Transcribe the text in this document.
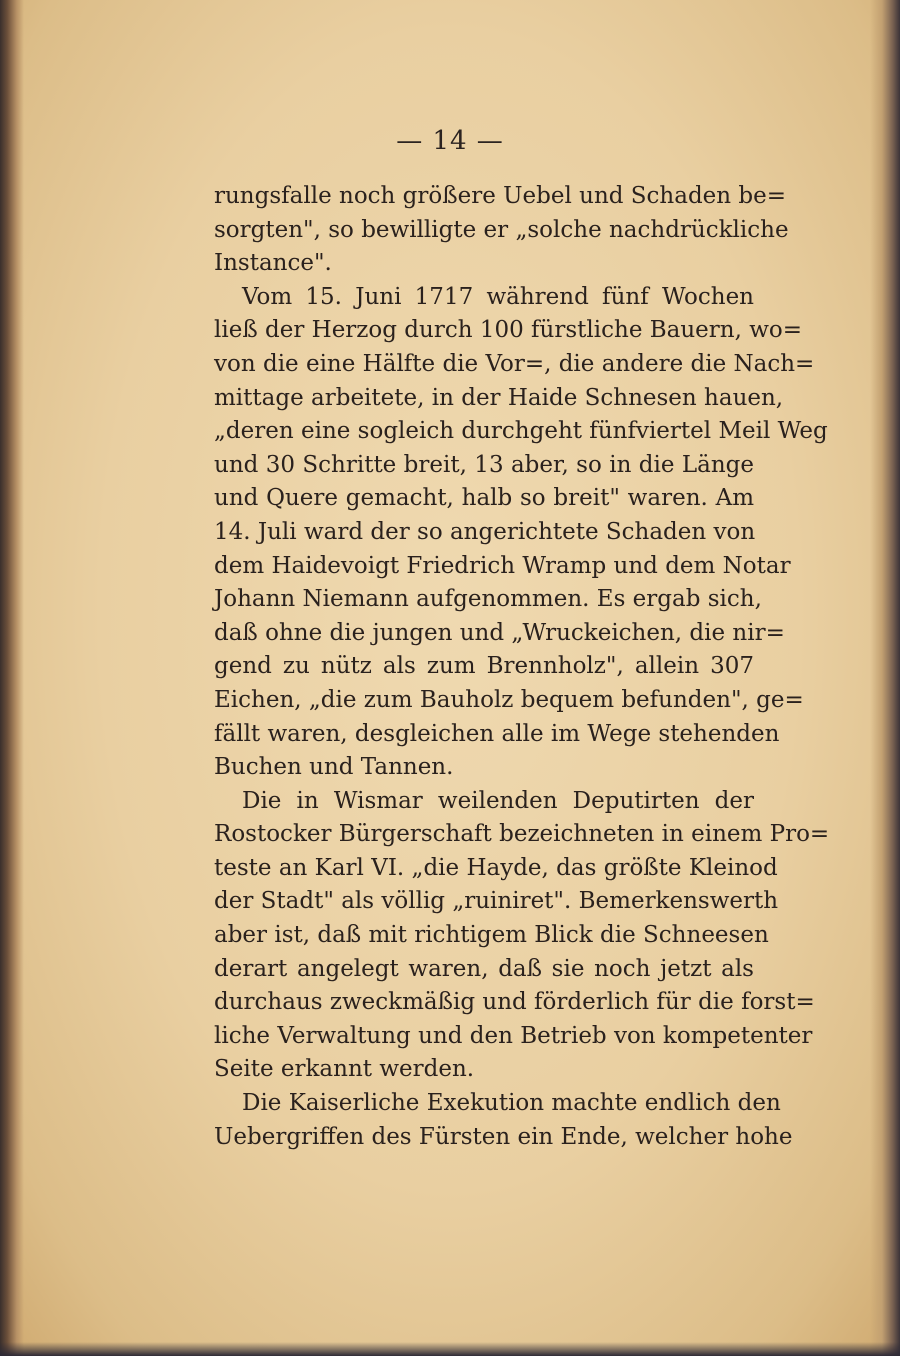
— 14 —
rungsfalle noch größere Uebel und Schaden be=
sorgten", so bewilligte er „solche nachdrückliche
Instance".
Vom 15. Juni 1717 während fünf Wochen
ließ der Herzog durch 100 fürstliche Bauern, wo=
von die eine Hälfte die Vor=, die andere die Nach=
mittage arbeitete, in der Haide Schnesen hauen,
„deren eine sogleich durchgeht fünfviertel Meil Weg
und 30 Schritte breit, 13 aber, so in die Länge
und Quere gemacht, halb so breit" waren. Am
14. Juli ward der so angerichtete Schaden von
dem Haidevoigt Friedrich Wramp und dem Notar
Johann Niemann aufgenommen. Es ergab sich,
daß ohne die jungen und „Wruckeichen, die nir=
gend zu nütz als zum Brennholz", allein 307
Eichen, „die zum Bauholz bequem befunden", ge=
fällt waren, desgleichen alle im Wege stehenden
Buchen und Tannen.
Die in Wismar weilenden Deputirten der
Rostocker Bürgerschaft bezeichneten in einem Pro=
teste an Karl VI. „die Hayde, das größte Kleinod
der Stadt" als völlig „ruiniret". Bemerkenswerth
aber ist, daß mit richtigem Blick die Schneesen
derart angelegt waren, daß sie noch jetzt als
durchaus zweckmäßig und förderlich für die forst=
liche Verwaltung und den Betrieb von kompetenter
Seite erkannt werden.
Die Kaiserliche Exekution machte endlich den
Uebergriffen des Fürsten ein Ende, welcher hohe
